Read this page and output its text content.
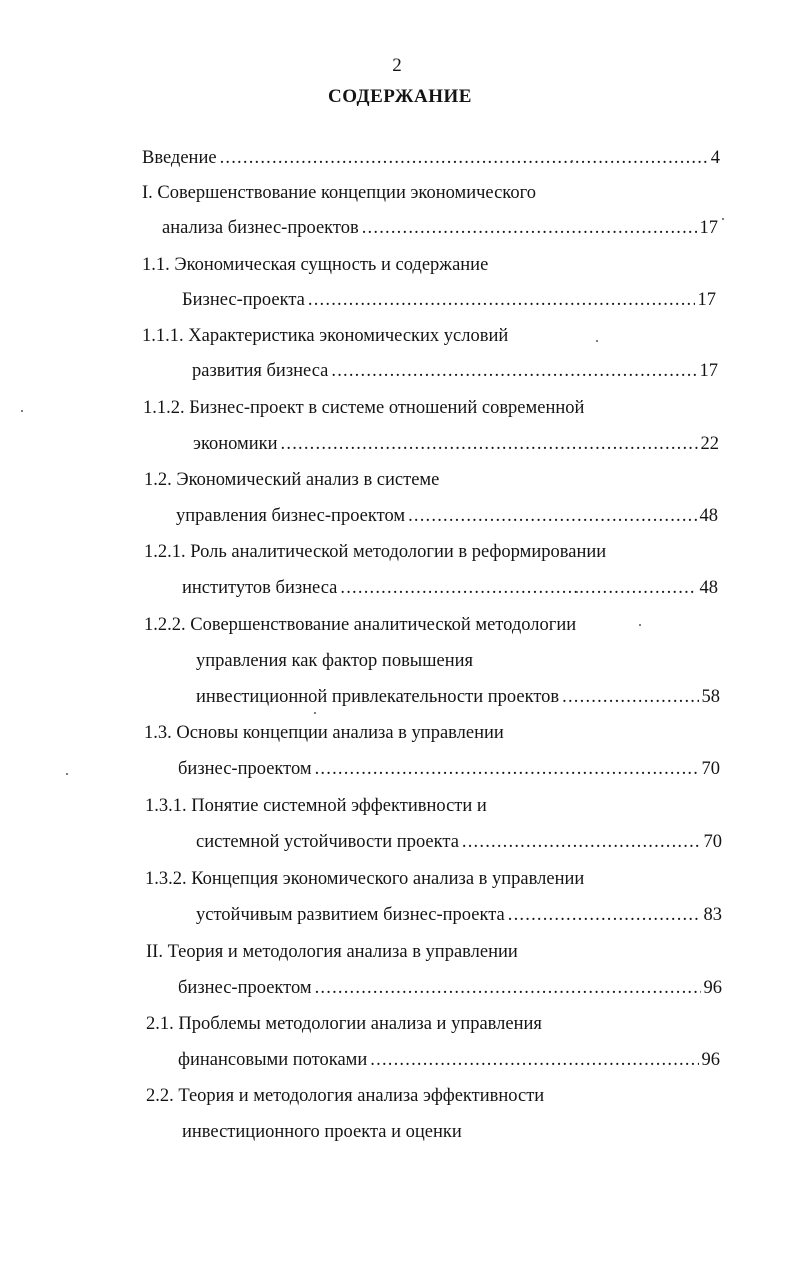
2
СОДЕРЖАНИЕ
Введение .....	4
I. Совершенствование концепции экономического
анализа бизнес-проектов .....	17
1.1. Экономическая сущность и содержание
Бизнес-проекта .....	17
1.1.1. Характеристика экономических условий
развития бизнеса .....	17
1.1.2. Бизнес-проект в системе отношений современной
экономики .....	22
1.2. Экономический анализ в системе
управления бизнес-проектом .....	48
1.2.1. Роль аналитической методологии в реформировании
институтов бизнеса .....	48
1.2.2. Совершенствование аналитической методологии
управления как фактор повышения
инвестиционной привлекательности проектов .....	58
1.3. Основы концепции анализа в управлении
бизнес-проектом .....	70
1.3.1. Понятие системной эффективности и
системной устойчивости проекта .....	70
1.3.2. Концепция экономического анализа в управлении
устойчивым развитием бизнес-проекта .....	83
II. Теория и методология анализа в управлении
бизнес-проектом .....	96
2.1. Проблемы методологии анализа и управления
финансовыми потоками .....	96
2.2. Теория и методология анализа эффективности
инвестиционного проекта и оценки
